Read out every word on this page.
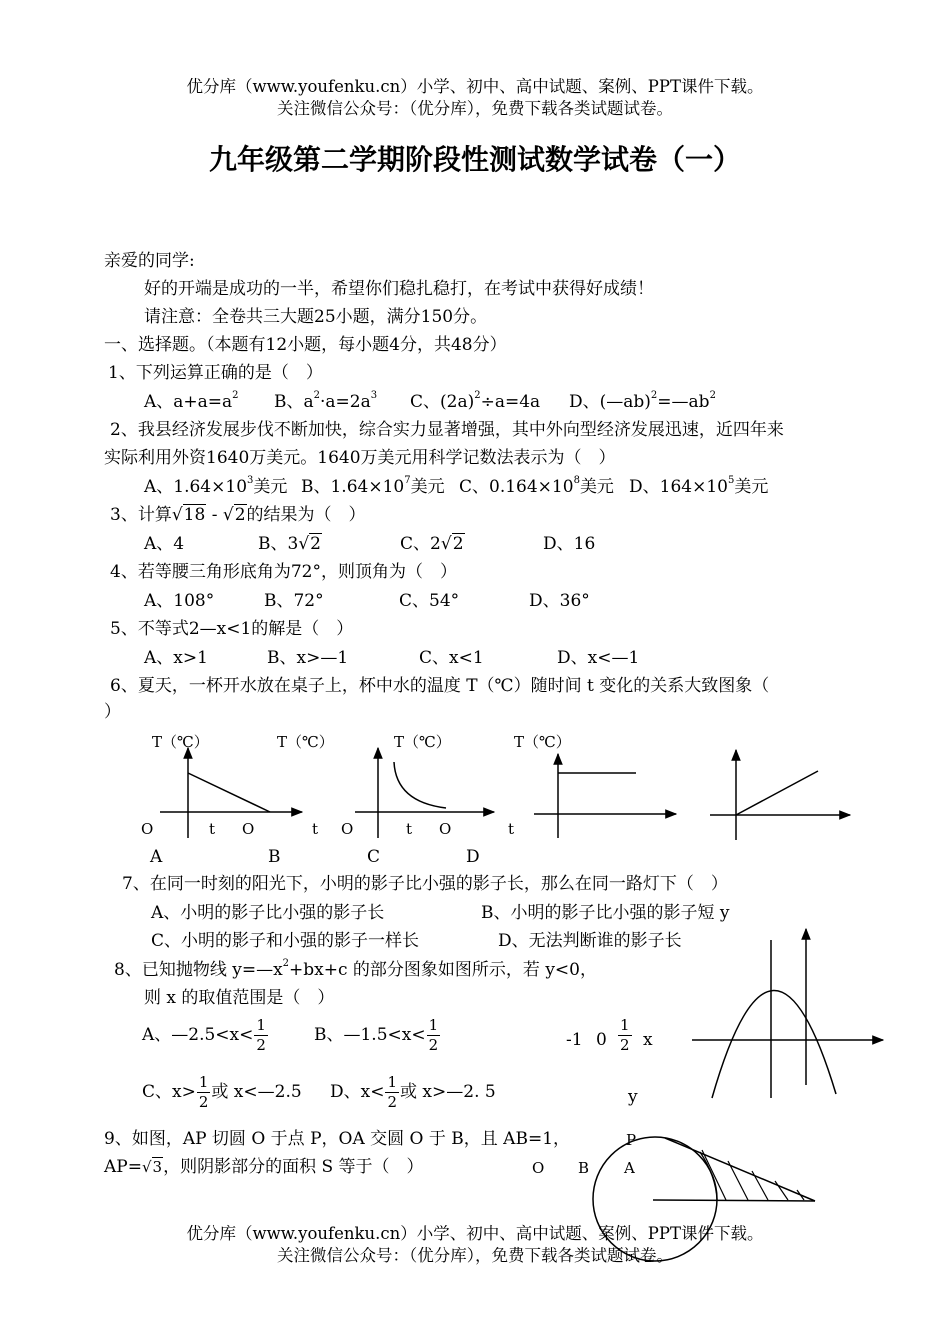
优分库（www.youfenku.cn）小学、初中、高中试题、案例、PPT课件下载。
关注微信公众号：（优分库），免费下载各类试题试卷。
九年级第二学期阶段性测试数学试卷（一）
亲爱的同学:
好的开端是成功的一半，希望你们稳扎稳打，在考试中获得好成绩！
请注意：全卷共三大题25小题，满分150分。
一、选择题。（本题有12小题，每小题4分，共48分）
1、下列运算正确的是（　）
A、$a+a=a^2$ B、$a^2\cdot a=2a^3$ C、$(2a)^2\div a=4a$ D、$(—ab)^2=—ab^2$
2、我县经济发展步伐不断加快，综合实力显著增强，其中外向型经济发展迅速，近四年来
实际利用外资1640万美元。1640万美元用科学记数法表示为（　）
A、$1.64\times 10^3$美元 B、$1.64\times 10^7$美元 C、$0.164\times 10^8$美元 D、$164\times 10^5$美元
3、计算√18 - √2的结果为（　）
A、4	B、3√2	C、2√2	D、16
4、若等腰三角形底角为72°，则顶角为（　）
A、108°	B、72°	C、54°	D、36°
5、不等式2—x<1的解是（　）
A、x>1	B、x>—1	C、x<1	D、x<—1
6、夏天，一杯开水放在桌子上，杯中水的温度 T（℃）随时间 t 变化的关系大致图象（
）
T（℃）	T（℃）	T（℃）	T（℃）
O	t O	t O	t O	t
A	B	C	D
7、在同一时刻的阳光下，小明的影子比小强的影子长，那么在同一路灯下（　）
A、小明的影子比小强的影子长	B、小明的影子比小强的影子短 y
C、小明的影子和小强的影子一样长	D、无法判断谁的影子长
8、已知抛物线 $y=—x^2+bx+c$ 的部分图象如图所示，若 y<0，
则 x 的取值范围是（　）
A、—2.5<x< $\frac{1}{2}$	B、—1.5<x< $\frac{1}{2}$	-1 $0 \frac{1}{2}$ x
C、$x> \frac{1}{2}$ 或 x<—2.5 D、$x< \frac{1}{2}$ 或 x>—2. 5	y
9、如图，AP 切圆 O 于点 P，OA 交圆 O 于 B，且 AB=1，
AP=√3，则阴影部分的面积 S 等于（　）
P
O B A
优分库（www.youfenku.cn）小学、初中、高中试题、案例、PPT课件下载。
关注微信公众号：（优分库），免费下载各类试题试卷。
